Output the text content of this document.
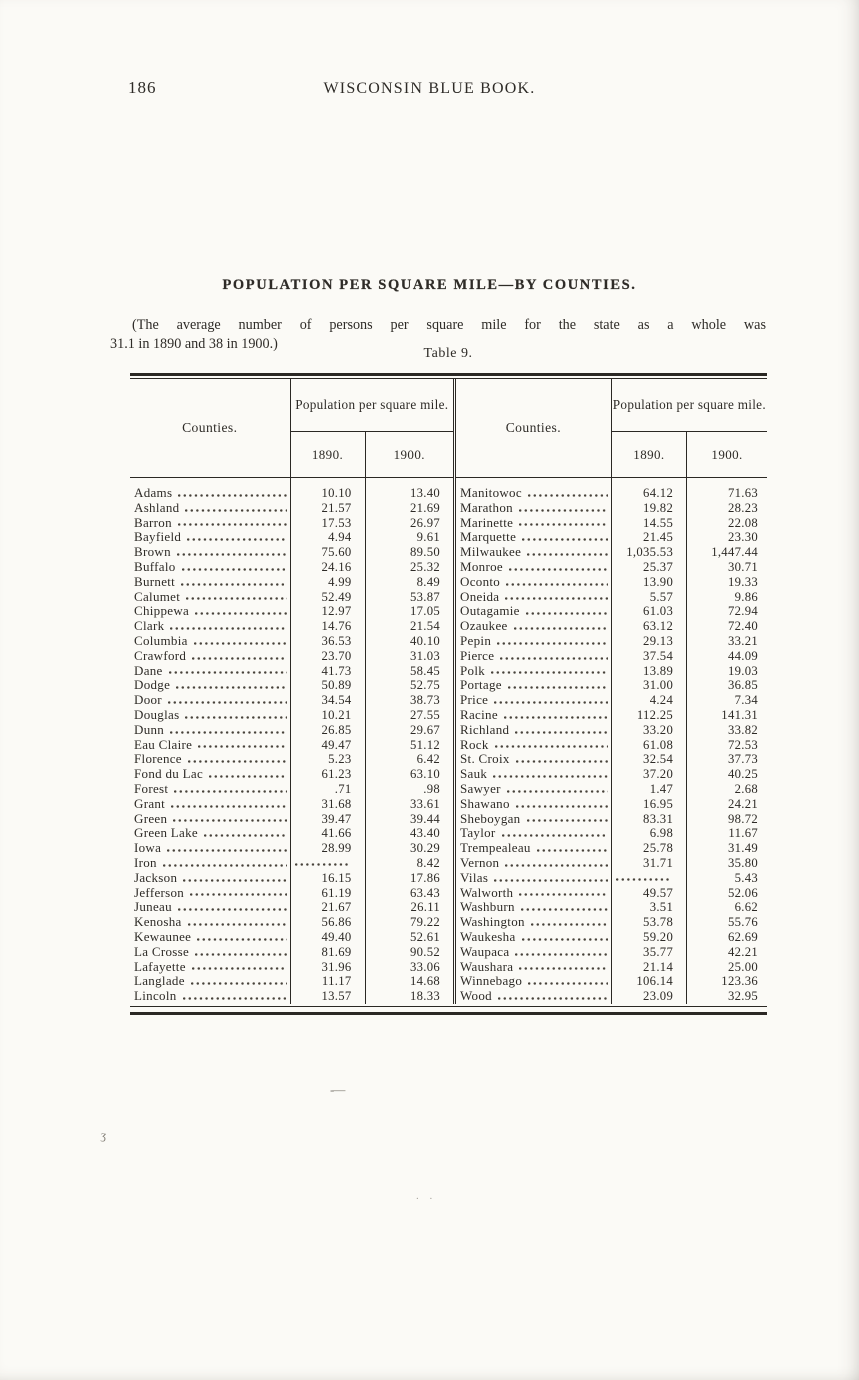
186	WISCONSIN BLUE BOOK.
POPULATION PER SQUARE MILE—BY COUNTIES.

(The average number of persons per square mile for the state as a whole was
31.1 in 1890 and 38 in 1900.)

Table 9.
Counties.	Population per square mile.	
	1890.	1900.

Adams	10.10	13.40

Ashland	21.57	21.69

Barron	17.53	26.97

Bayfield	4.94	9.61

Brown	75.60	89.50

Buffalo	24.16	25.32

Burnett	4.99	8.49

Calumet	52.49	53.87

Chippewa	12.97	17.05

Clark	14.76	21.54

Columbia	36.53	40.10

Crawford	23.70	31.03

Dane	41.73	58.45

Dodge	50.89	52.75

Door	34.54	38.73

Douglas	10.21	27.55

Dunn	26.85	29.67

Eau Claire	49.47	51.12

Florence	5.23	6.42

Fond du Lac	61.23	63.10

Forest	.71	.98

Grant	31.68	33.61

Green	39.47	39.44

Green Lake	41.66	43.40

Iowa	28.99	30.29

Iron		8.42

Jackson	16.15	17.86

Jefferson	61.19	63.43

Juneau	21.67	26.11

Kenosha	56.86	79.22

Kewaunee	49.40	52.61

La Crosse	81.69	90.52

Lafayette	31.96	33.06

Langlade	11.17	14.68

Lincoln	13.57	18.33
Counties.	Population per square mile.	
	1890.	1900.

Manitowoc	64.12	71.63

Marathon	19.82	28.23

Marinette	14.55	22.08

Marquette	21.45	23.30

Milwaukee	1,035.53	1,447.44

Monroe	25.37	30.71

Oconto	13.90	19.33

Oneida	5.57	9.86

Outagamie	61.03	72.94

Ozaukee	63.12	72.40

Pepin	29.13	33.21

Pierce	37.54	44.09

Polk	13.89	19.03

Portage	31.00	36.85

Price	4.24	7.34

Racine	112.25	141.31

Richland	33.20	33.82

Rock	61.08	72.53

St. Croix	32.54	37.73

Sauk	37.20	40.25

Sawyer	1.47	2.68

Shawano	16.95	24.21

Sheboygan	83.31	98.72

Taylor	6.98	11.67

Trempealeau	25.78	31.49

Vernon	31.71	35.80

Vilas		5.43

Walworth	49.57	52.06

Washburn	3.51	6.62

Washington	53.78	55.76

Waukesha	59.20	62.69

Waupaca	35.77	42.21

Waushara	21.14	25.00

Winnebago	106.14	123.36

Wood	23.09	32.95
-—
ʒ
. .
